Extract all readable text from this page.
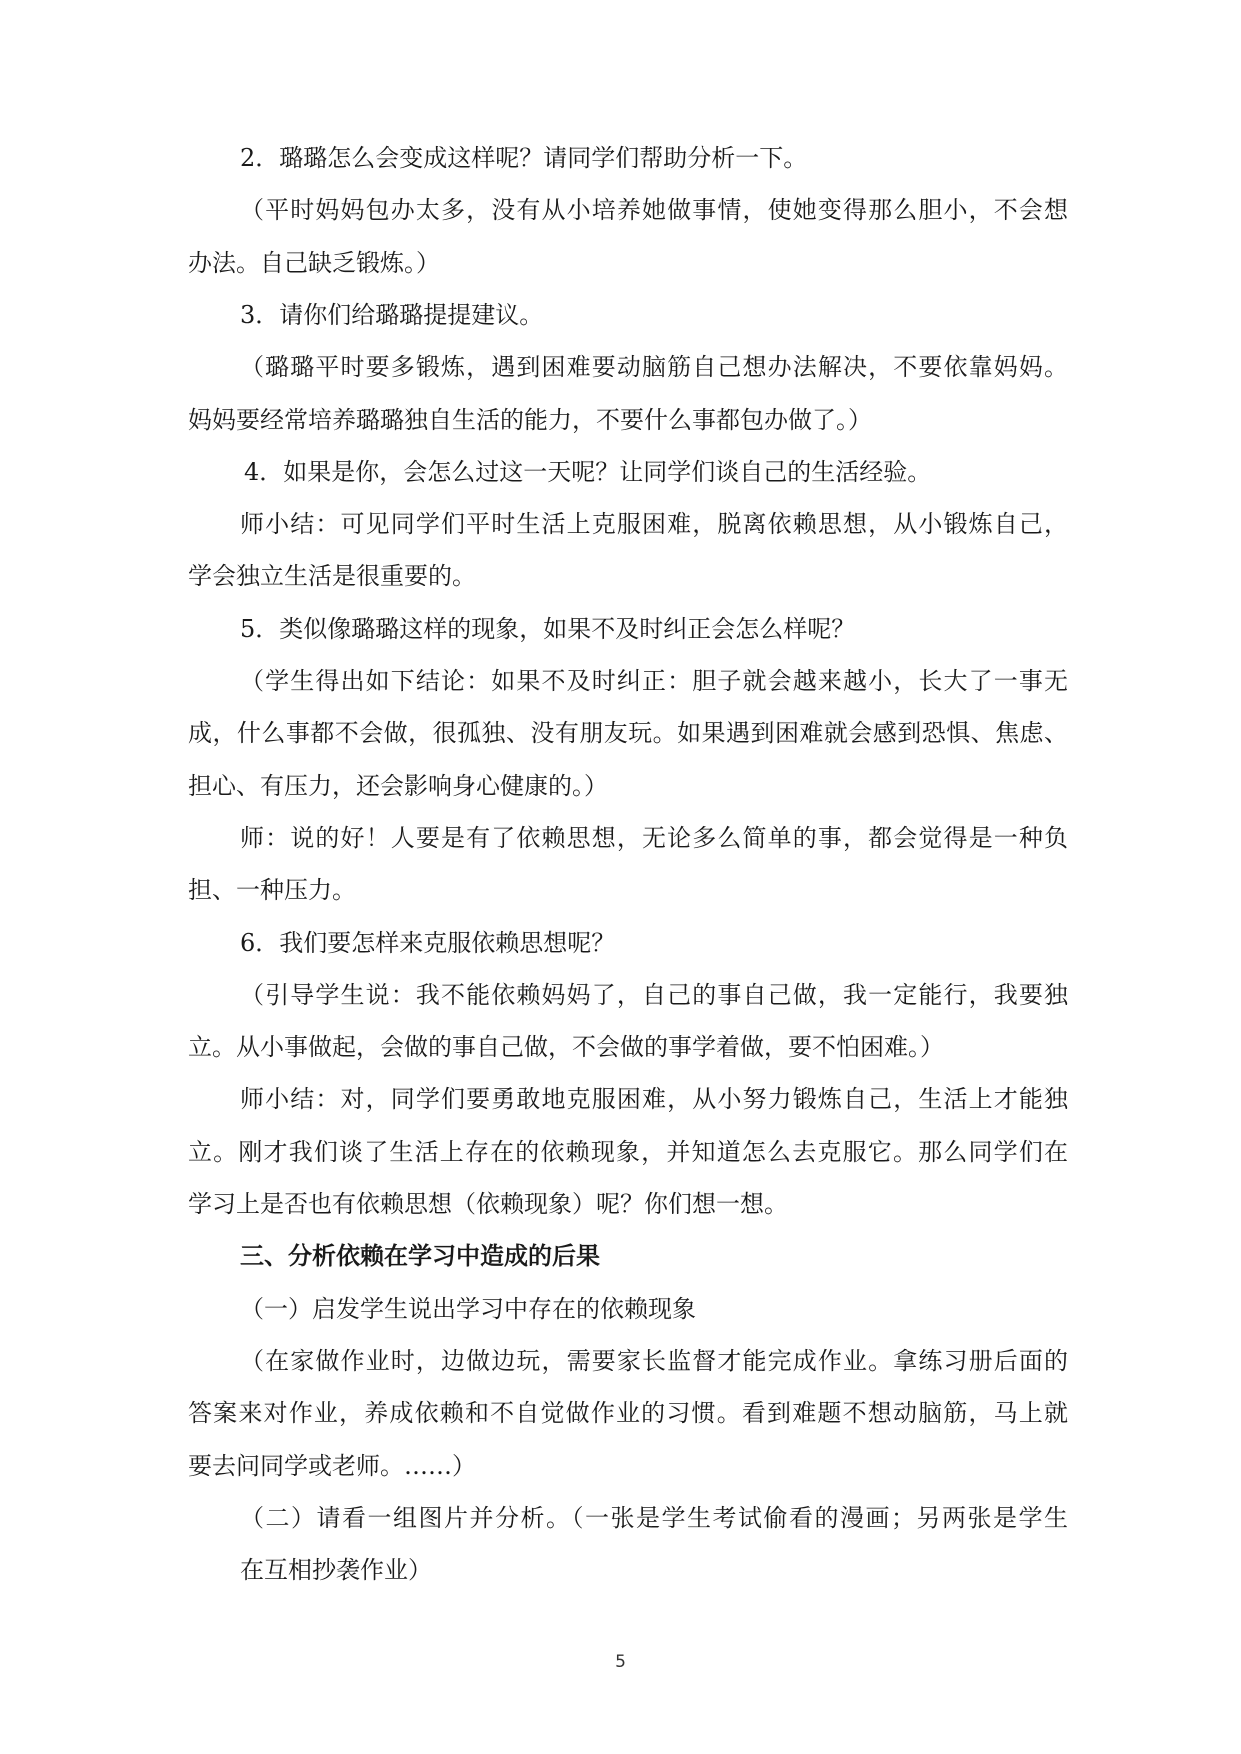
2．璐璐怎么会变成这样呢？请同学们帮助分析一下。

（平时妈妈包办太多，没有从小培养她做事情，使她变得那么胆小，不会想

办法。自己缺乏锻炼。）

3．请你们给璐璐提提建议。

（璐璐平时要多锻炼，遇到困难要动脑筋自己想办法解决，不要依靠妈妈。

妈妈要经常培养璐璐独自生活的能力，不要什么事都包办做了。）

4．如果是你，会怎么过这一天呢？让同学们谈自己的生活经验。

师小结：可见同学们平时生活上克服困难，脱离依赖思想，从小锻炼自己，

学会独立生活是很重要的。

5．类似像璐璐这样的现象，如果不及时纠正会怎么样呢？

（学生得出如下结论：如果不及时纠正：胆子就会越来越小，长大了一事无

成，什么事都不会做，很孤独、没有朋友玩。如果遇到困难就会感到恐惧、焦虑、

担心、有压力，还会影响身心健康的。）

师：说的好！人要是有了依赖思想，无论多么简单的事，都会觉得是一种负

担、一种压力。

6．我们要怎样来克服依赖思想呢？

（引导学生说：我不能依赖妈妈了，自己的事自己做，我一定能行，我要独

立。从小事做起，会做的事自己做，不会做的事学着做，要不怕困难。）

师小结：对，同学们要勇敢地克服困难，从小努力锻炼自己，生活上才能独

立。刚才我们谈了生活上存在的依赖现象，并知道怎么去克服它。那么同学们在

学习上是否也有依赖思想（依赖现象）呢？你们想一想。

三、分析依赖在学习中造成的后果

（一）启发学生说出学习中存在的依赖现象

（在家做作业时，边做边玩，需要家长监督才能完成作业。拿练习册后面的

答案来对作业，养成依赖和不自觉做作业的习惯。看到难题不想动脑筋，马上就

要去问同学或老师。……）

（二）请看一组图片并分析。（一张是学生考试偷看的漫画；另两张是学生

在互相抄袭作业）

5
